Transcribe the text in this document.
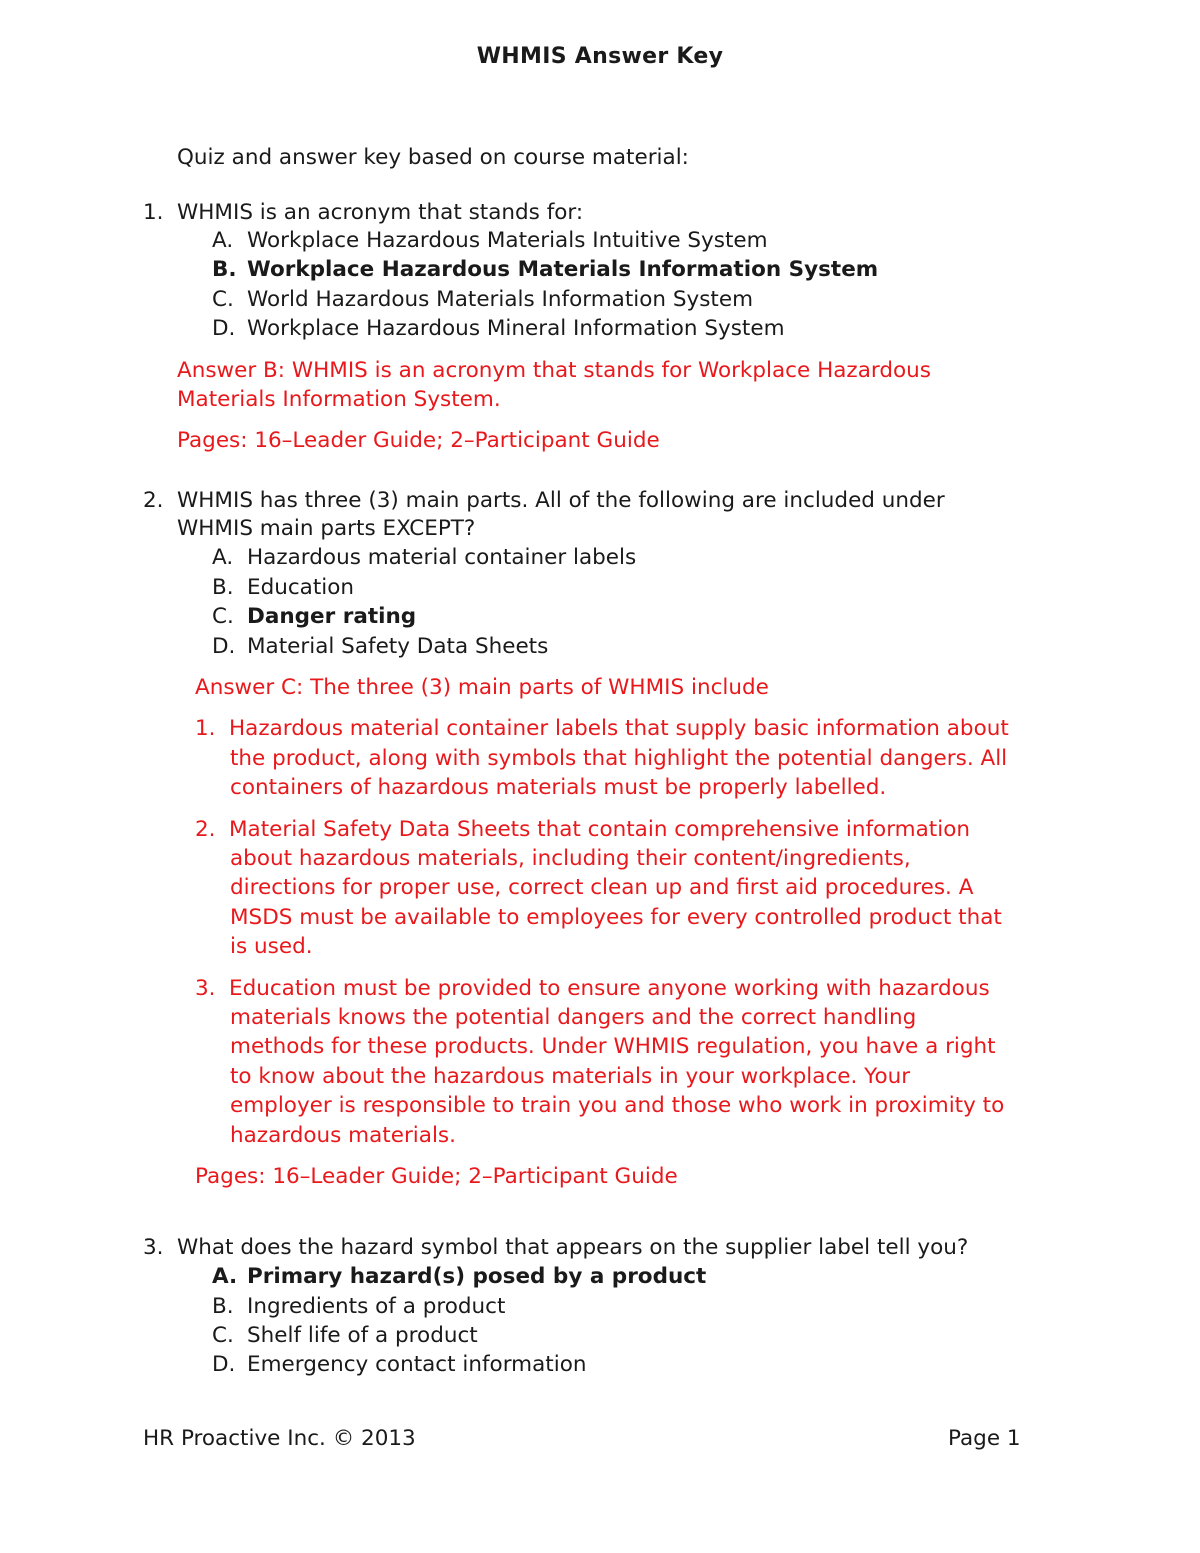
WHMIS Answer Key
Quiz and answer key based on course material:
1. WHMIS is an acronym that stands for:
A. Workplace Hazardous Materials Intuitive System
B. Workplace Hazardous Materials Information System
C. World Hazardous Materials Information System
D. Workplace Hazardous Mineral Information System
Answer B: WHMIS is an acronym that stands for Workplace Hazardous
Materials Information System.
Pages: 16–Leader Guide; 2–Participant Guide
2. WHMIS has three (3) main parts. All of the following are included under
WHMIS main parts EXCEPT?
A. Hazardous material container labels
B. Education
C. Danger rating
D. Material Safety Data Sheets
Answer C: The three (3) main parts of WHMIS include
1. Hazardous material container labels that supply basic information about
the product, along with symbols that highlight the potential dangers. All
containers of hazardous materials must be properly labelled.
2. Material Safety Data Sheets that contain comprehensive information
about hazardous materials, including their content/ingredients,
directions for proper use, correct clean up and first aid procedures. A
MSDS must be available to employees for every controlled product that
is used.
3. Education must be provided to ensure anyone working with hazardous
materials knows the potential dangers and the correct handling
methods for these products. Under WHMIS regulation, you have a right
to know about the hazardous materials in your workplace. Your
employer is responsible to train you and those who work in proximity to
hazardous materials.
Pages: 16–Leader Guide; 2–Participant Guide
3. What does the hazard symbol that appears on the supplier label tell you?
A. Primary hazard(s) posed by a product
B. Ingredients of a product
C. Shelf life of a product
D. Emergency contact information
HR Proactive Inc. © 2013	Page 1
